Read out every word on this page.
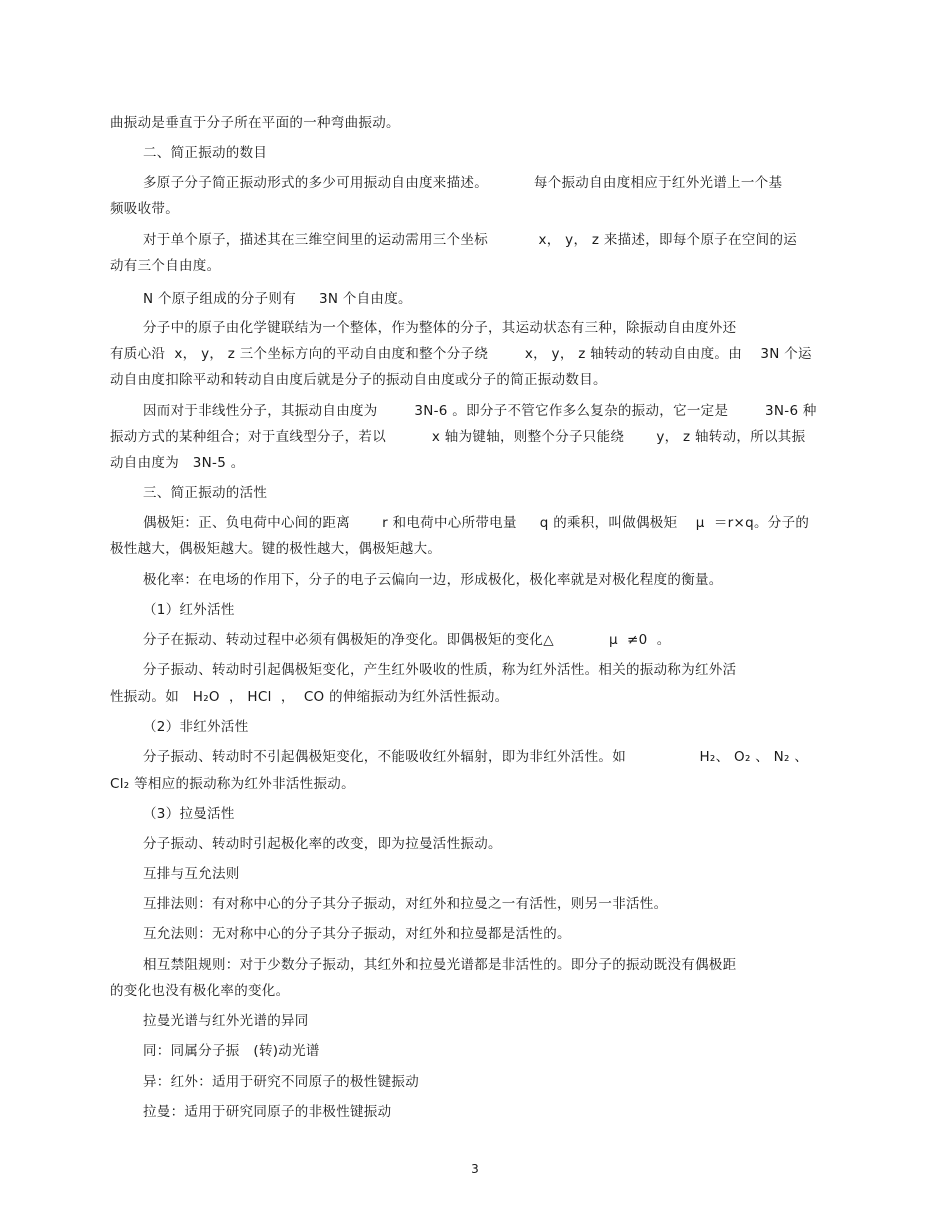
曲振动是垂直于分子所在平面的一种弯曲振动。
二、简正振动的数目
多原子分子简正振动形式的多少可用振动自由度来描述。          每个振动自由度相应于红外光谱上一个基
频吸收带。
对于单个原子，描述其在三维空间里的运动需用三个坐标           x， y， z 来描述，即每个原子在空间的运
动有三个自由度。
N 个原子组成的分子则有     3N 个自由度。
分子中的原子由化学键联结为一个整体，作为整体的分子，其运动状态有三种，除振动自由度外还
有质心沿  x， y， z 三个坐标方向的平动自由度和整个分子绕        x， y， z 轴转动的转动自由度。由    3N 个运
动自由度扣除平动和转动自由度后就是分子的振动自由度或分子的简正振动数目。
因而对于非线性分子，其振动自由度为        3N-6 。即分子不管它作多么复杂的振动，它一定是        3N-6 种
振动方式的某种组合；对于直线型分子，若以          x 轴为键轴，则整个分子只能绕       y， z 轴转动，所以其振
动自由度为   3N-5 。
三、简正振动的活性
偶极矩：正、负电荷中心间的距离       r 和电荷中心所带电量     q 的乘积，叫做偶极矩    μ  ＝r×q。分子的
极性越大，偶极矩越大。键的极性越大，偶极矩越大。
极化率：在电场的作用下，分子的电子云偏向一边，形成极化，极化率就是对极化程度的衡量。
（1）红外活性
分子在振动、转动过程中必须有偶极矩的净变化。即偶极矩的变化△            μ  ≠0  。
分子振动、转动时引起偶极矩变化，产生红外吸收的性质，称为红外活性。相关的振动称为红外活
性振动。如   H₂O  ， HCl  ，  CO 的伸缩振动为红外活性振动。
（2）非红外活性
分子振动、转动时不引起偶极矩变化，不能吸收红外辐射，即为非红外活性。如                H₂、 O₂ 、 N₂ 、
Cl₂ 等相应的振动称为红外非活性振动。
（3）拉曼活性
分子振动、转动时引起极化率的改变，即为拉曼活性振动。
互排与互允法则
互排法则：有对称中心的分子其分子振动，对红外和拉曼之一有活性，则另一非活性。
互允法则：无对称中心的分子其分子振动，对红外和拉曼都是活性的。
相互禁阻规则：对于少数分子振动，其红外和拉曼光谱都是非活性的。即分子的振动既没有偶极距
的变化也没有极化率的变化。
拉曼光谱与红外光谱的异同
同：同属分子振   (转)动光谱
异：红外：适用于研究不同原子的极性键振动
拉曼：适用于研究同原子的非极性键振动
3
